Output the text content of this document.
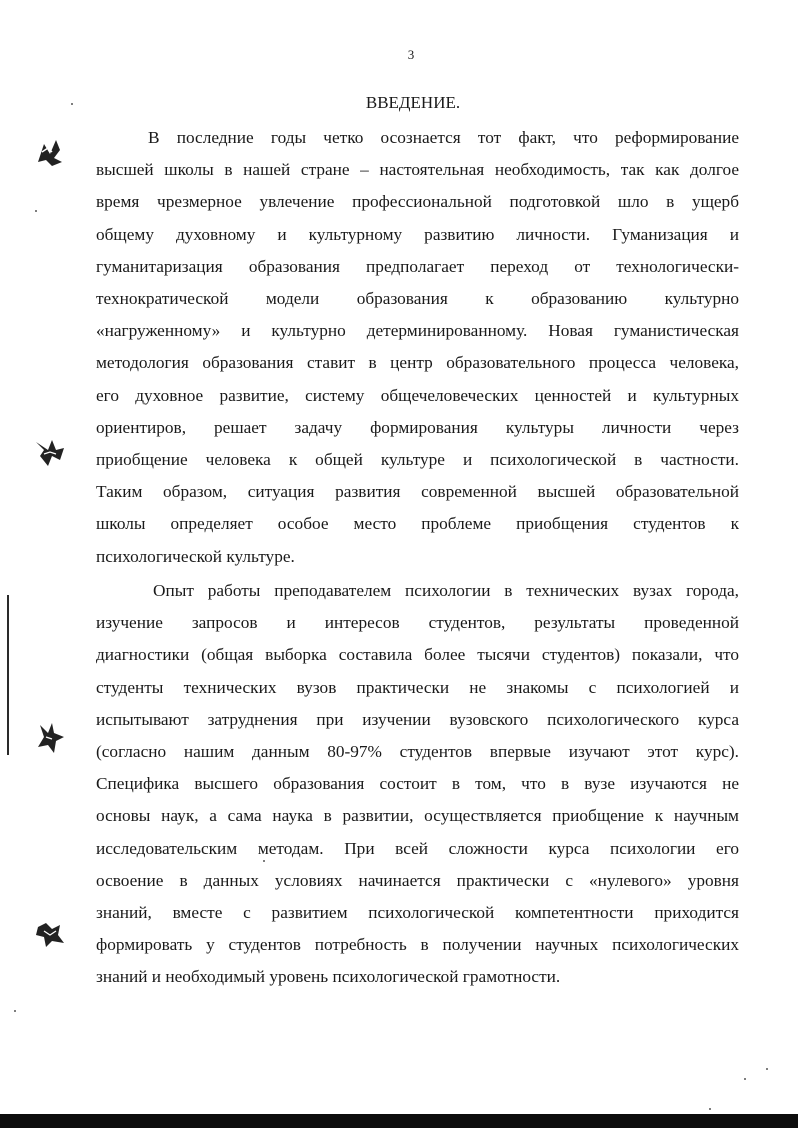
3
ВВЕДЕНИЕ.
В последние годы четко осознается тот факт, что реформирование
высшей школы в нашей стране – настоятельная необходимость, так как долгое
время чрезмерное увлечение профессиональной подготовкой шло в ущерб
общему духовному и культурному развитию личности. Гуманизация и
гуманитаризация образования предполагает переход от технологически-
технократической модели образования к образованию культурно
«нагруженному» и культурно детерминированному. Новая гуманистическая
методология образования ставит в центр образовательного процесса человека,
его духовное развитие, систему общечеловеческих ценностей и культурных
ориентиров, решает задачу формирования культуры личности через
приобщение человека к общей культуре и психологической в частности.
Таким образом, ситуация развития современной высшей образовательной
школы определяет особое место проблеме приобщения студентов к
психологической культуре.
Опыт работы преподавателем психологии в технических вузах города,
изучение запросов и интересов студентов, результаты проведенной
диагностики (общая выборка составила более тысячи студентов) показали, что
студенты технических вузов практически не знакомы с психологией и
испытывают затруднения при изучении вузовского психологического курса
(согласно нашим данным 80-97% студентов впервые изучают этот курс).
Специфика высшего образования состоит в том, что в вузе изучаются не
основы наук, а сама наука в развитии, осуществляется приобщение к научным
исследовательским методам. При всей сложности курса психологии его
освоение в данных условиях начинается практически с «нулевого» уровня
знаний, вместе с развитием психологической компетентности приходится
формировать у студентов потребность в получении научных психологических
знаний и необходимый уровень психологической грамотности.
